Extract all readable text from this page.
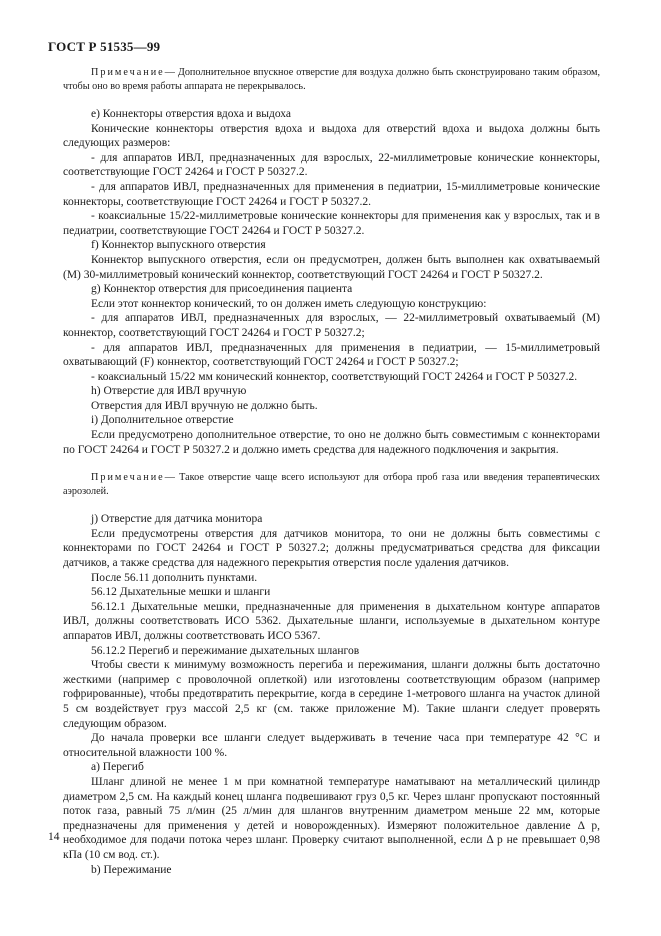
ГОСТ Р 51535—99

Примечание— Дополнительное впускное отверстие для воздуха должно быть сконструировано таким образом, чтобы оно во время работы аппарата не перекрывалось.

е) Коннекторы отверстия вдоха и выдоха

Конические коннекторы отверстия вдоха и выдоха для отверстий вдоха и выдоха должны быть следующих размеров:

- для аппаратов ИВЛ, предназначенных для взрослых, 22-миллиметровые конические коннекторы, соответствующие ГОСТ 24264 и ГОСТ Р 50327.2.

- для аппаратов ИВЛ, предназначенных для применения в педиатрии, 15-миллиметровые конические коннекторы, соответствующие ГОСТ 24264 и ГОСТ Р 50327.2.

- коаксиальные 15/22-миллиметровые конические коннекторы для применения как у взрослых, так и в педиатрии, соответствующие ГОСТ 24264 и ГОСТ Р 50327.2.

f) Коннектор выпускного отверстия

Коннектор выпускного отверстия, если он предусмотрен, должен быть выполнен как охватываемый (М) 30-миллиметровый конический коннектор, соответствующий ГОСТ 24264 и ГОСТ Р 50327.2.

g) Коннектор отверстия для присоединения пациента

Если этот коннектор конический, то он должен иметь следующую конструкцию:

- для аппаратов ИВЛ, предназначенных для взрослых, — 22-миллиметровый охватываемый (М) коннектор, соответствующий ГОСТ 24264 и ГОСТ Р 50327.2;

- для аппаратов ИВЛ, предназначенных для применения в педиатрии, — 15-миллиметровый охватывающий (F) коннектор, соответствующий ГОСТ 24264 и ГОСТ Р 50327.2;

- коаксиальный 15/22 мм конический коннектор, соответствующий ГОСТ 24264 и ГОСТ Р 50327.2.

h) Отверстие для ИВЛ вручную

Отверстия для ИВЛ вручную не должно быть.

i) Дополнительное отверстие

Если предусмотрено дополнительное отверстие, то оно не должно быть совместимым с коннекторами по ГОСТ 24264 и ГОСТ Р 50327.2 и должно иметь средства для надежного подключения и закрытия.

Примечание— Такое отверстие чаще всего используют для отбора проб газа или введения терапевтических аэрозолей.

j) Отверстие для датчика монитора

Если предусмотрены отверстия для датчиков монитора, то они не должны быть совместимы с коннекторами по ГОСТ 24264 и ГОСТ Р 50327.2; должны предусматриваться средства для фиксации датчиков, а также средства для надежного перекрытия отверстия после удаления датчиков.

После 56.11 дополнить пунктами.

56.12 Дыхательные мешки и шланги

56.12.1 Дыхательные мешки, предназначенные для применения в дыхательном контуре аппаратов ИВЛ, должны соответствовать ИСО 5362. Дыхательные шланги, используемые в дыхательном контуре аппаратов ИВЛ, должны соответствовать ИСО 5367.

56.12.2 Перегиб и пережимание дыхательных шлангов

Чтобы свести к минимуму возможность перегиба и пережимания, шланги должны быть достаточно жесткими (например с проволочной оплеткой) или изготовлены соответствующим образом (например гофрированные), чтобы предотвратить перекрытие, когда в середине 1-метрового шланга на участок длиной 5 см воздействует груз массой 2,5 кг (см. также приложение М). Такие шланги следует проверять следующим образом.

До начала проверки все шланги следует выдерживать в течение часа при температуре 42 °С и относительной влажности 100 %.

а) Перегиб

Шланг длиной не менее 1 м при комнатной температуре наматывают на металлический цилиндр диаметром 2,5 см. На каждый конец шланга подвешивают груз 0,5 кг. Через шланг пропускают постоянный поток газа, равный 75 л/мин (25 л/мин для шлангов внутренним диаметром меньше 22 мм, которые предназначены для применения у детей и новорожденных). Измеряют положительное давление Δ р, необходимое для подачи потока через шланг. Проверку считают выполненной, если Δ р не превышает 0,98 кПа (10 см вод. ст.).

b) Пережимание

14
